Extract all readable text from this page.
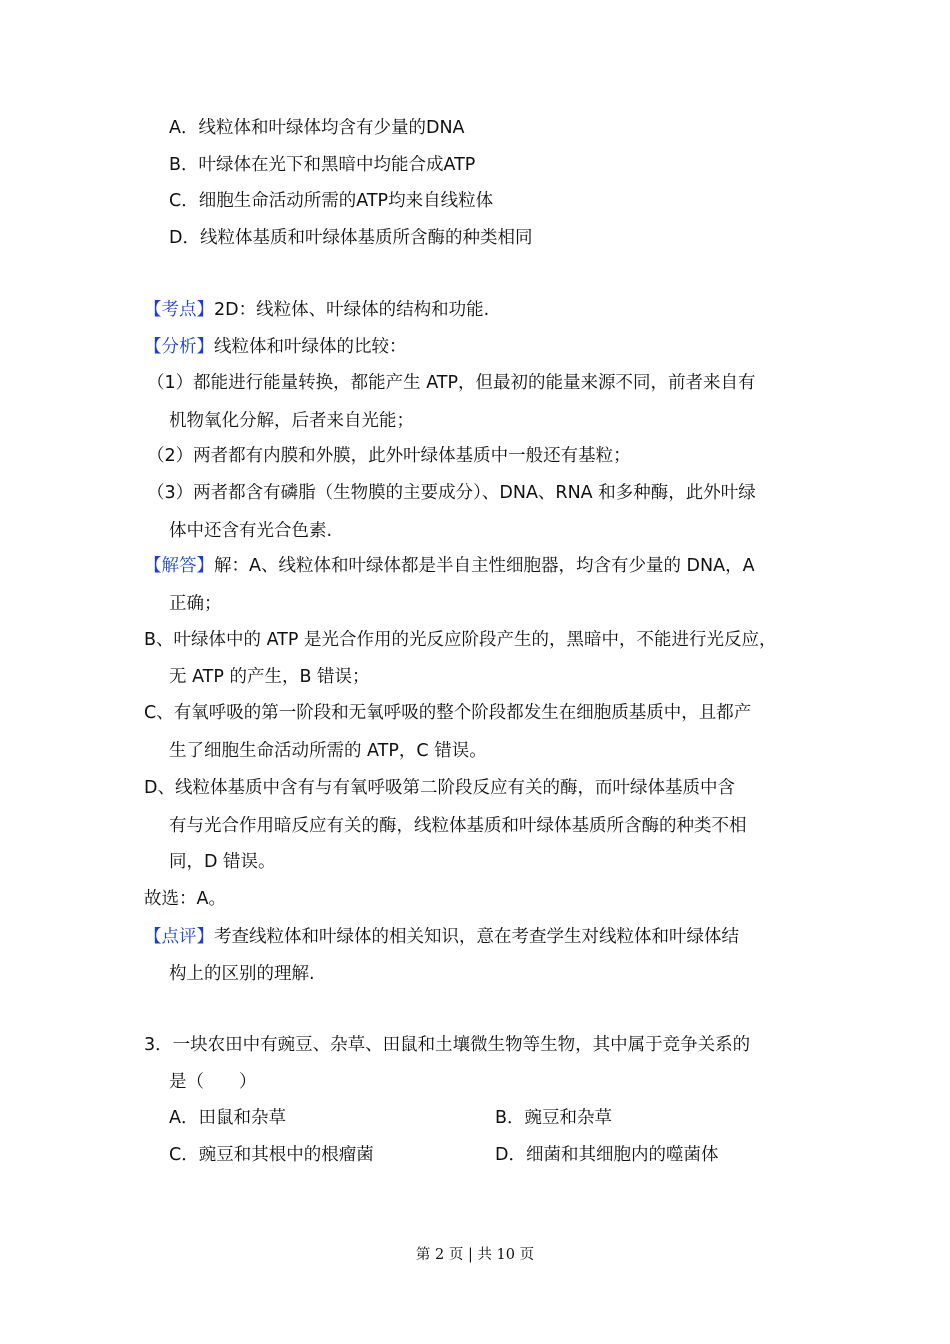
A．线粒体和叶绿体均含有少量的DNA
B．叶绿体在光下和黑暗中均能合成ATP
C．细胞生命活动所需的ATP均来自线粒体
D．线粒体基质和叶绿体基质所含酶的种类相同
【考点】2D：线粒体、叶绿体的结构和功能.
【分析】线粒体和叶绿体的比较：
（1）都能进行能量转换，都能产生 ATP，但最初的能量来源不同，前者来自有
机物氧化分解，后者来自光能；
（2）两者都有内膜和外膜，此外叶绿体基质中一般还有基粒；
（3）两者都含有磷脂（生物膜的主要成分）、DNA、RNA 和多种酶，此外叶绿
体中还含有光合色素.
【解答】解：A、线粒体和叶绿体都是半自主性细胞器，均含有少量的 DNA，A
正确；
B、叶绿体中的 ATP 是光合作用的光反应阶段产生的，黑暗中，不能进行光反应，
无 ATP 的产生，B 错误；
C、有氧呼吸的第一阶段和无氧呼吸的整个阶段都发生在细胞质基质中，且都产
生了细胞生命活动所需的 ATP，C 错误。
D、线粒体基质中含有与有氧呼吸第二阶段反应有关的酶，而叶绿体基质中含
有与光合作用暗反应有关的酶，线粒体基质和叶绿体基质所含酶的种类不相
同，D 错误。
故选：A。
【点评】考查线粒体和叶绿体的相关知识，意在考查学生对线粒体和叶绿体结
构上的区别的理解.
3．一块农田中有豌豆、杂草、田鼠和土壤微生物等生物，其中属于竞争关系的
是（　　）
A．田鼠和杂草	B．豌豆和杂草
C．豌豆和其根中的根瘤菌	D．细菌和其细胞内的噬菌体
第 2 页 | 共 10 页
